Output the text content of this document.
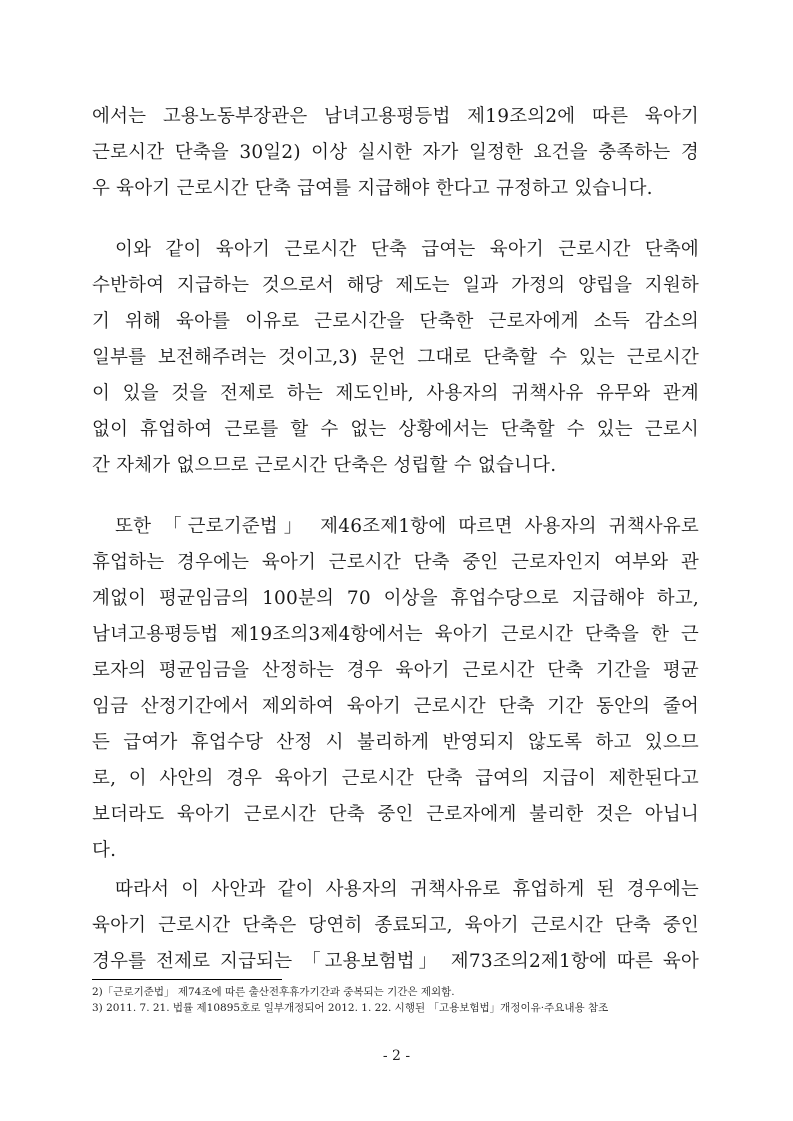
에서는 고용노동부장관은 남녀고용평등법 제19조의2에 따른 육아기
근로시간 단축을 30일2) 이상 실시한 자가 일정한 요건을 충족하는 경
우 육아기 근로시간 단축 급여를 지급해야 한다고 규정하고 있습니다.
이와 같이 육아기 근로시간 단축 급여는 육아기 근로시간 단축에
수반하여 지급하는 것으로서 해당 제도는 일과 가정의 양립을 지원하
기 위해 육아를 이유로 근로시간을 단축한 근로자에게 소득 감소의
일부를 보전해주려는 것이고,3) 문언 그대로 단축할 수 있는 근로시간
이 있을 것을 전제로 하는 제도인바, 사용자의 귀책사유 유무와 관계
없이 휴업하여 근로를 할 수 없는 상황에서는 단축할 수 있는 근로시
간 자체가 없으므로 근로시간 단축은 성립할 수 없습니다.
또한 「근로기준법」 제46조제1항에 따르면 사용자의 귀책사유로
휴업하는 경우에는 육아기 근로시간 단축 중인 근로자인지 여부와 관
계없이 평균임금의 100분의 70 이상을 휴업수당으로 지급해야 하고,
남녀고용평등법 제19조의3제4항에서는 육아기 근로시간 단축을 한 근
로자의 평균임금을 산정하는 경우 육아기 근로시간 단축 기간을 평균
임금 산정기간에서 제외하여 육아기 근로시간 단축 기간 동안의 줄어
든 급여가 휴업수당 산정 시 불리하게 반영되지 않도록 하고 있으므
로, 이 사안의 경우 육아기 근로시간 단축 급여의 지급이 제한된다고
보더라도 육아기 근로시간 단축 중인 근로자에게 불리한 것은 아닙니
다.
따라서 이 사안과 같이 사용자의 귀책사유로 휴업하게 된 경우에는
육아기 근로시간 단축은 당연히 종료되고, 육아기 근로시간 단축 중인
경우를 전제로 지급되는 「고용보험법」 제73조의2제1항에 따른 육아
2)「근로기준법」 제74조에 따른 출산전후휴가기간과 중복되는 기간은 제외함.
3) 2011. 7. 21. 법률 제10895호로 일부개정되어 2012. 1. 22. 시행된 「고용보험법」개정이유·주요내용 참조
- 2 -
